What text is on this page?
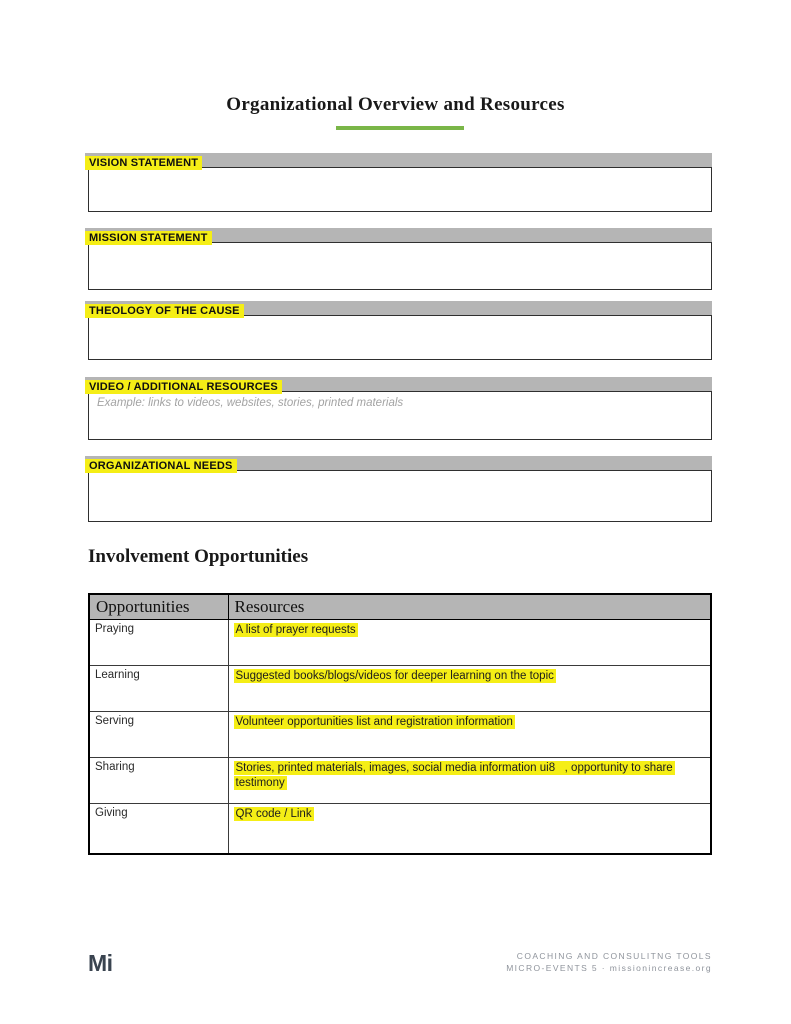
Organizational Overview and Resources
VISION STATEMENT
MISSION STATEMENT
THEOLOGY OF THE CAUSE
VIDEO / ADDITIONAL RESOURCES
Example: links to videos, websites, stories, printed materials
ORGANIZATIONAL NEEDS
Involvement Opportunities
Opportunities	Resources
Praying	A list of prayer requests
Learning	Suggested books/blogs/videos for deeper learning on the topic
Serving	Volunteer opportunities list and registration information
Sharing	Stories, printed materials, images, social media information ui8   , opportunity to share testimony
Giving	QR code / Link
Mi	COACHING AND CONSULITNG TOOLS
MICRO-EVENTS 5 · missionincrease.org
